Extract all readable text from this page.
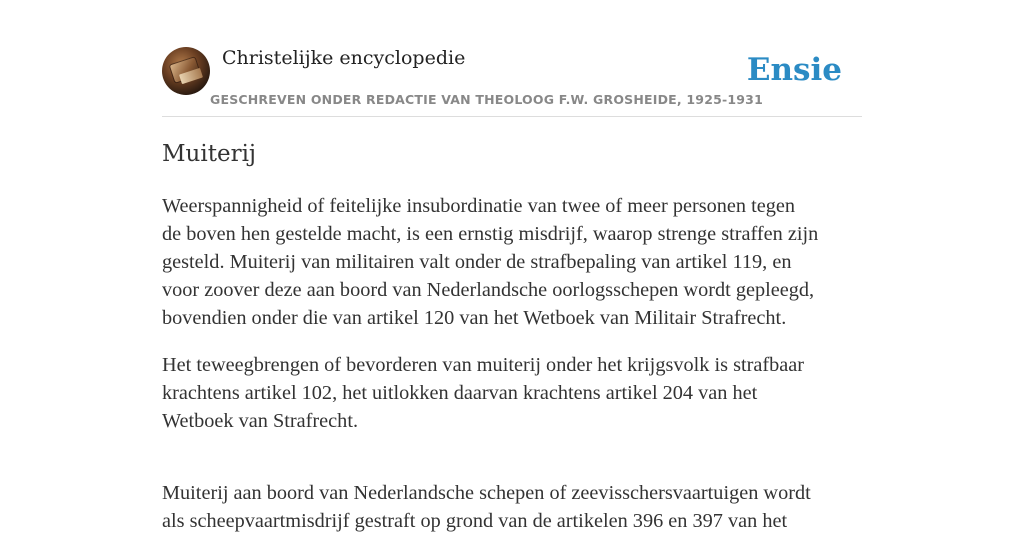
Christelijke encyclopedie
GESCHREVEN ONDER REDACTIE VAN THEOLOOG F.W. GROSHEIDE, 1925-1931
Ensie
Muiterij

Weerspannigheid of feitelijke insubordinatie van twee of meer personen tegen

de boven hen gestelde macht, is een ernstig misdrijf, waarop strenge straffen zijn

gesteld. Muiterij van militairen valt onder de strafbepaling van artikel 119, en

voor zoover deze aan boord van Nederlandsche oorlogsschepen wordt gepleegd,

bovendien onder die van artikel 120 van het Wetboek van Militair Strafrecht.

Het teweegbrengen of bevorderen van muiterij onder het krijgsvolk is strafbaar

krachtens artikel 102, het uitlokken daarvan krachtens artikel 204 van het

Wetboek van Strafrecht.

Muiterij aan boord van Nederlandsche schepen of zeevisschersvaartuigen wordt

als scheepvaartmisdrijf gestraft op grond van de artikelen 396 en 397 van het
